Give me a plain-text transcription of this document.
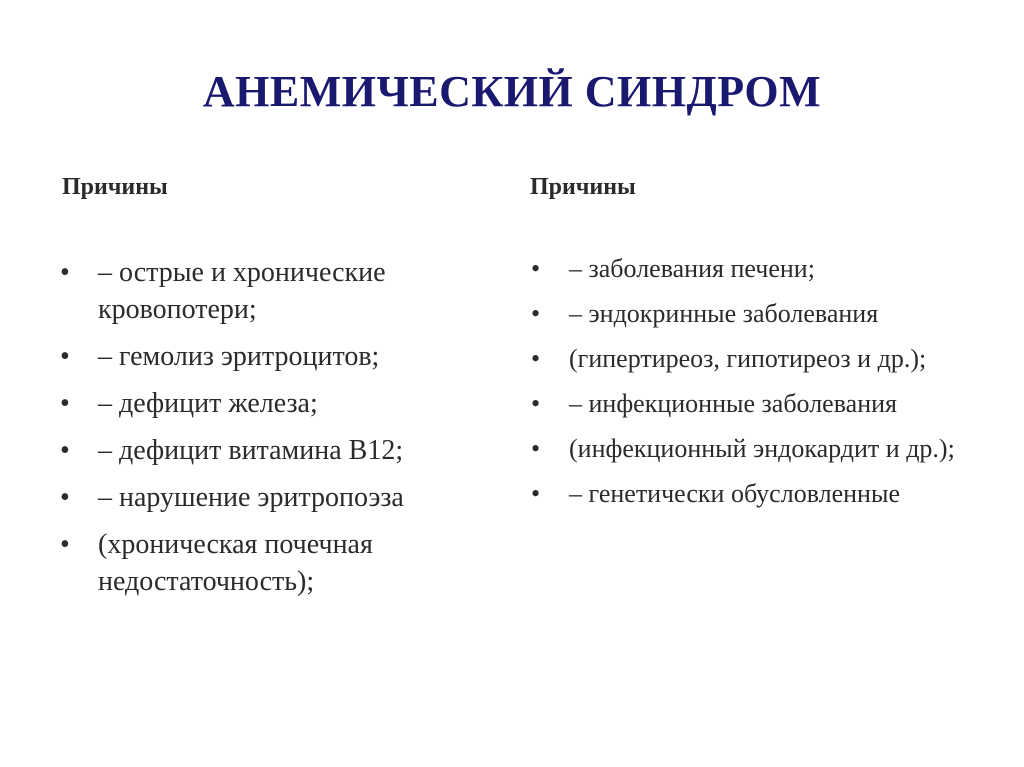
АНЕМИЧЕСКИЙ СИНДРОМ
Причины	Причины
• – острые и хронические кровопотери;
• – гемолиз эритроцитов;
• – дефицит железа;
• – дефицит витамина В12;
• – нарушение эритропоэза
• (хроническая почечная недостаточность);
• – заболевания печени;
• – эндокринные заболевания
• (гипертиреоз, гипотиреоз и др.);
• – инфекционные заболевания
• (инфекционный эндокардит и др.);
• – генетически обусловленные
